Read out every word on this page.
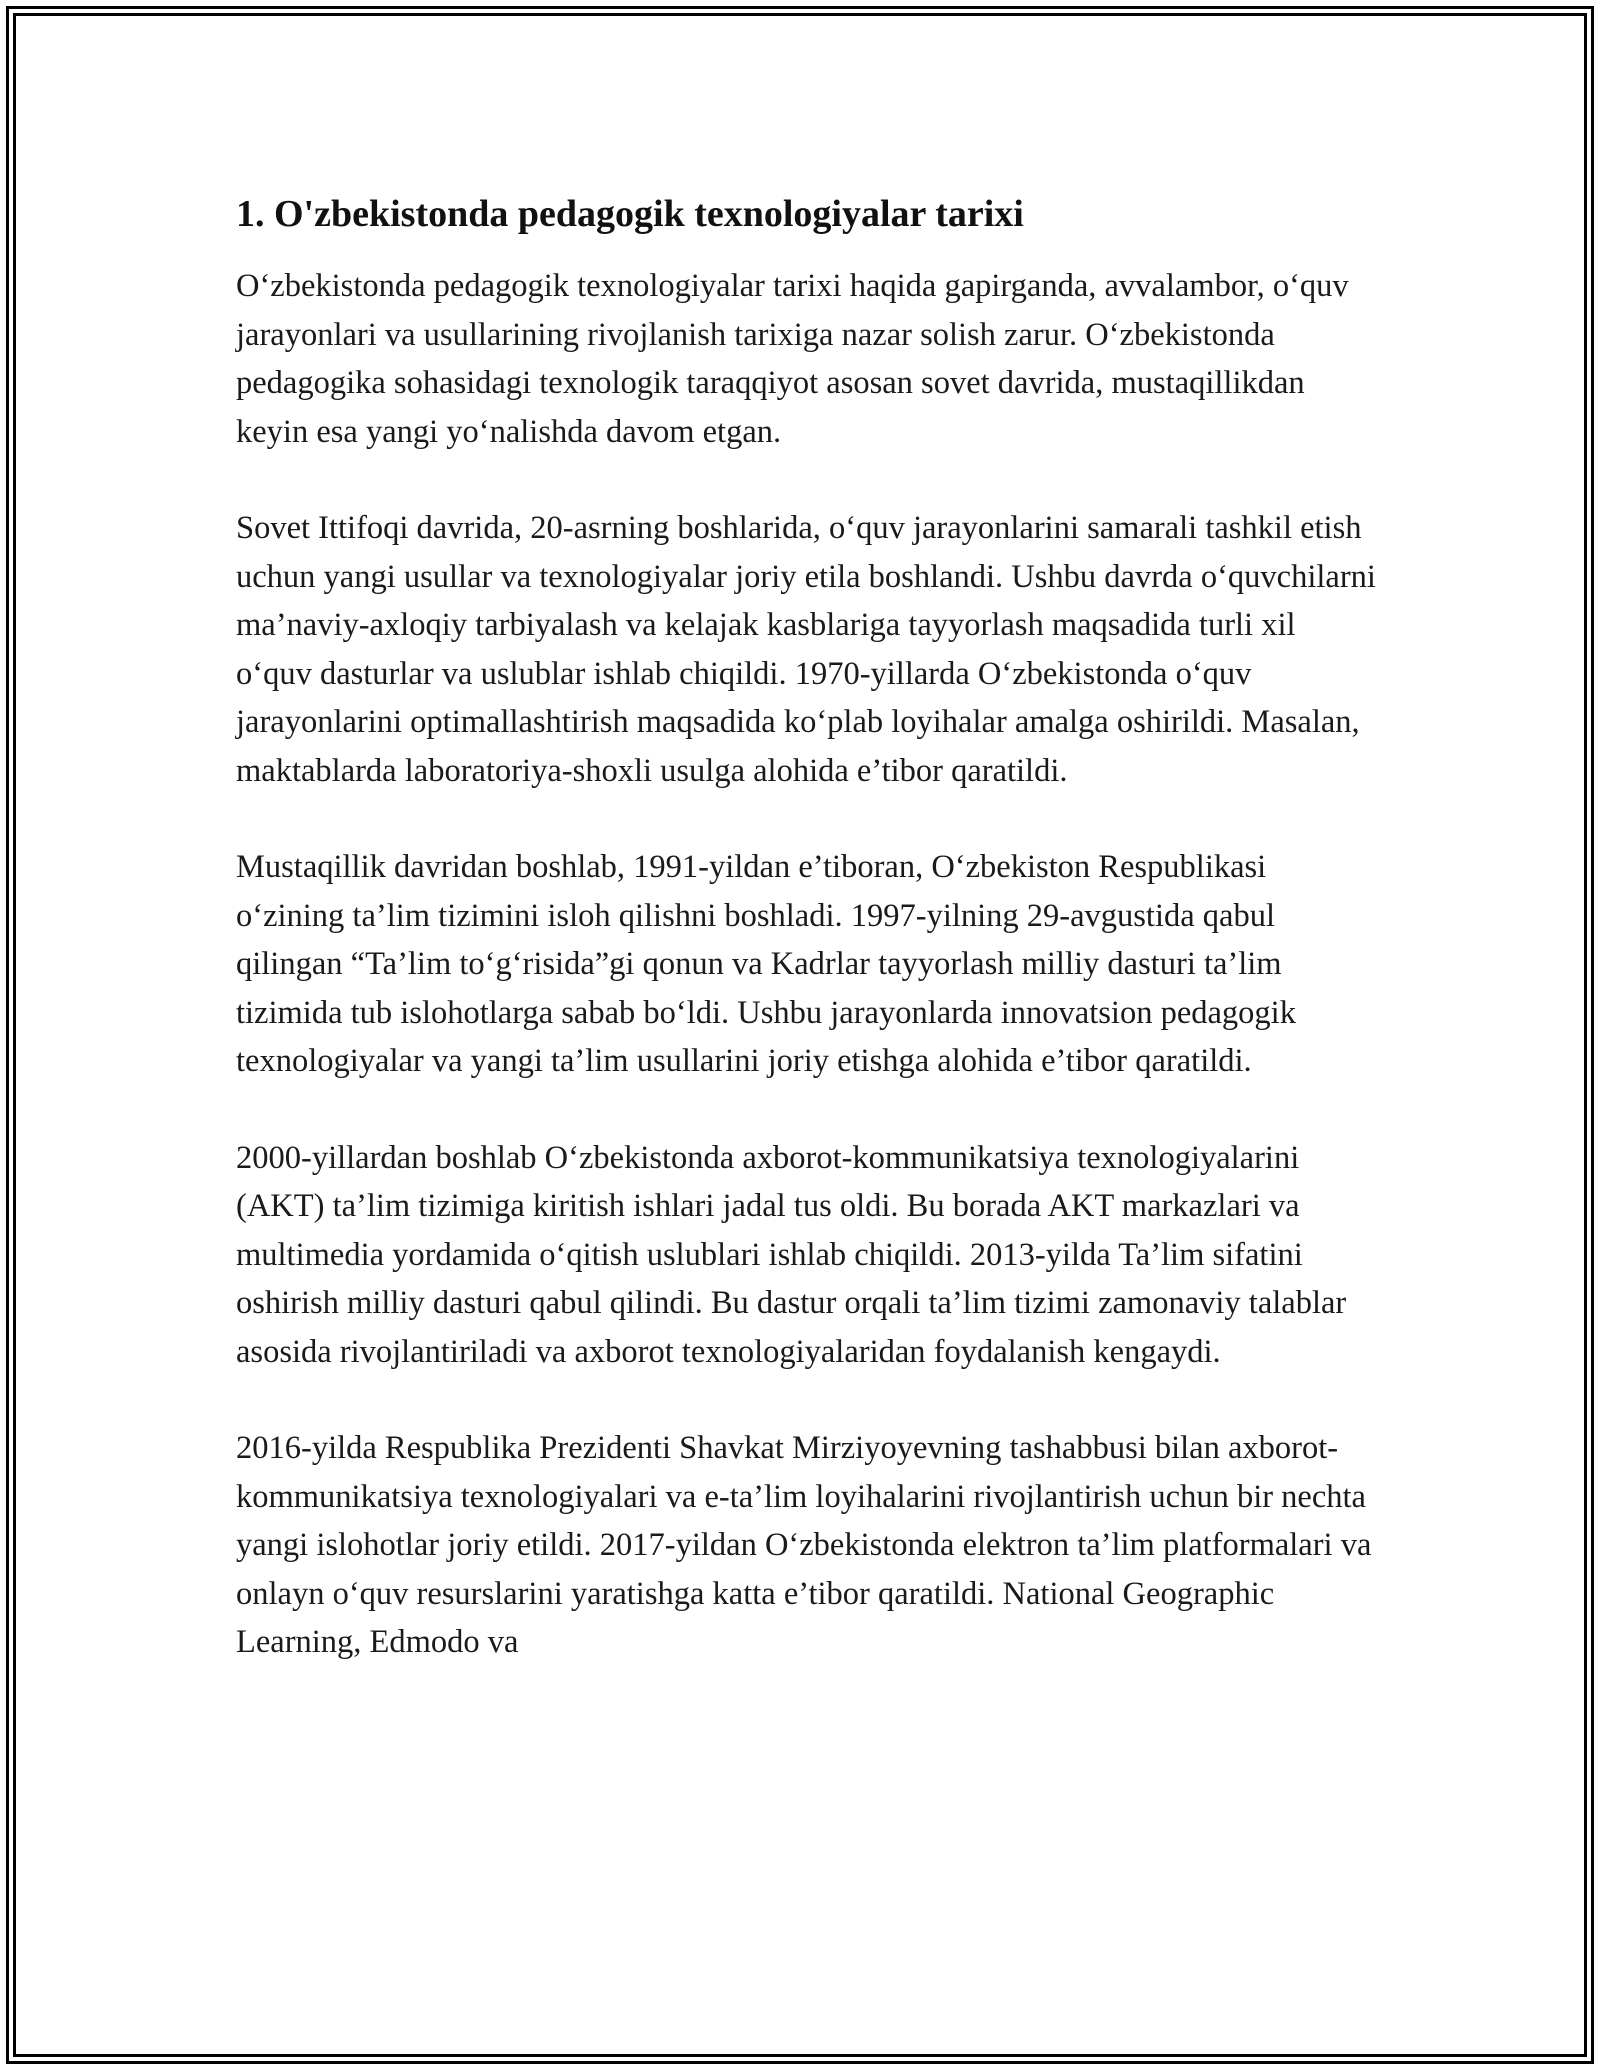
1. O'zbekistonda pedagogik texnologiyalar tarixi

O‘zbekistonda pedagogik texnologiyalar tarixi haqida gapirganda, avvalambor, o‘quv jarayonlari va usullarining rivojlanish tarixiga nazar solish zarur. O‘zbekistonda pedagogika sohasidagi texnologik taraqqiyot asosan sovet davrida, mustaqillikdan keyin esa yangi yo‘nalishda davom etgan.

Sovet Ittifoqi davrida, 20-asrning boshlarida, o‘quv jarayonlarini samarali tashkil etish uchun yangi usullar va texnologiyalar joriy etila boshlandi. Ushbu davrda o‘quvchilarni ma’naviy-axloqiy tarbiyalash va kelajak kasblariga tayyorlash maqsadida turli xil o‘quv dasturlar va uslublar ishlab chiqildi. 1970-yillarda O‘zbekistonda o‘quv jarayonlarini optimallashtirish maqsadida ko‘plab loyihalar amalga oshirildi. Masalan, maktablarda laboratoriya-shoxli usulga alohida e’tibor qaratildi.

Mustaqillik davridan boshlab, 1991-yildan e’tiboran, O‘zbekiston Respublikasi o‘zining ta’lim tizimini isloh qilishni boshladi. 1997-yilning 29-avgustida qabul qilingan “Ta’lim to‘g‘risida”gi qonun va Kadrlar tayyorlash milliy dasturi ta’lim tizimida tub islohotlarga sabab bo‘ldi. Ushbu jarayonlarda innovatsion pedagogik texnologiyalar va yangi ta’lim usullarini joriy etishga alohida e’tibor qaratildi.

2000-yillardan boshlab O‘zbekistonda axborot-kommunikatsiya texnologiyalarini (AKT) ta’lim tizimiga kiritish ishlari jadal tus oldi. Bu borada AKT markazlari va multimedia yordamida o‘qitish uslublari ishlab chiqildi. 2013-yilda Ta’lim sifatini oshirish milliy dasturi qabul qilindi. Bu dastur orqali ta’lim tizimi zamonaviy talablar asosida rivojlantiriladi va axborot texnologiyalaridan foydalanish kengaydi.

2016-yilda Respublika Prezidenti Shavkat Mirziyoyevning tashabbusi bilan axborot-kommunikatsiya texnologiyalari va e-ta’lim loyihalarini rivojlantirish uchun bir nechta yangi islohotlar joriy etildi. 2017-yildan O‘zbekistonda elektron ta’lim platformalari va onlayn o‘quv resurslarini yaratishga katta e’tibor qaratildi. National Geographic Learning, Edmodo va
